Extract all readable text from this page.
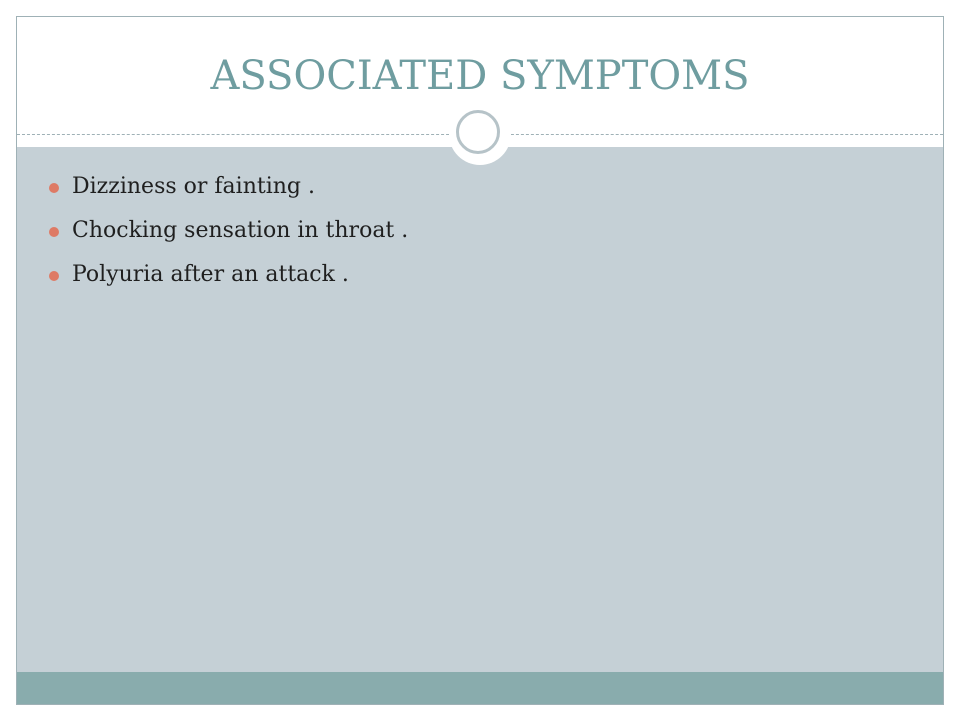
ASSOCIATED SYMPTOMS
Dizziness or fainting .
Chocking sensation in throat .
Polyuria after an attack .
